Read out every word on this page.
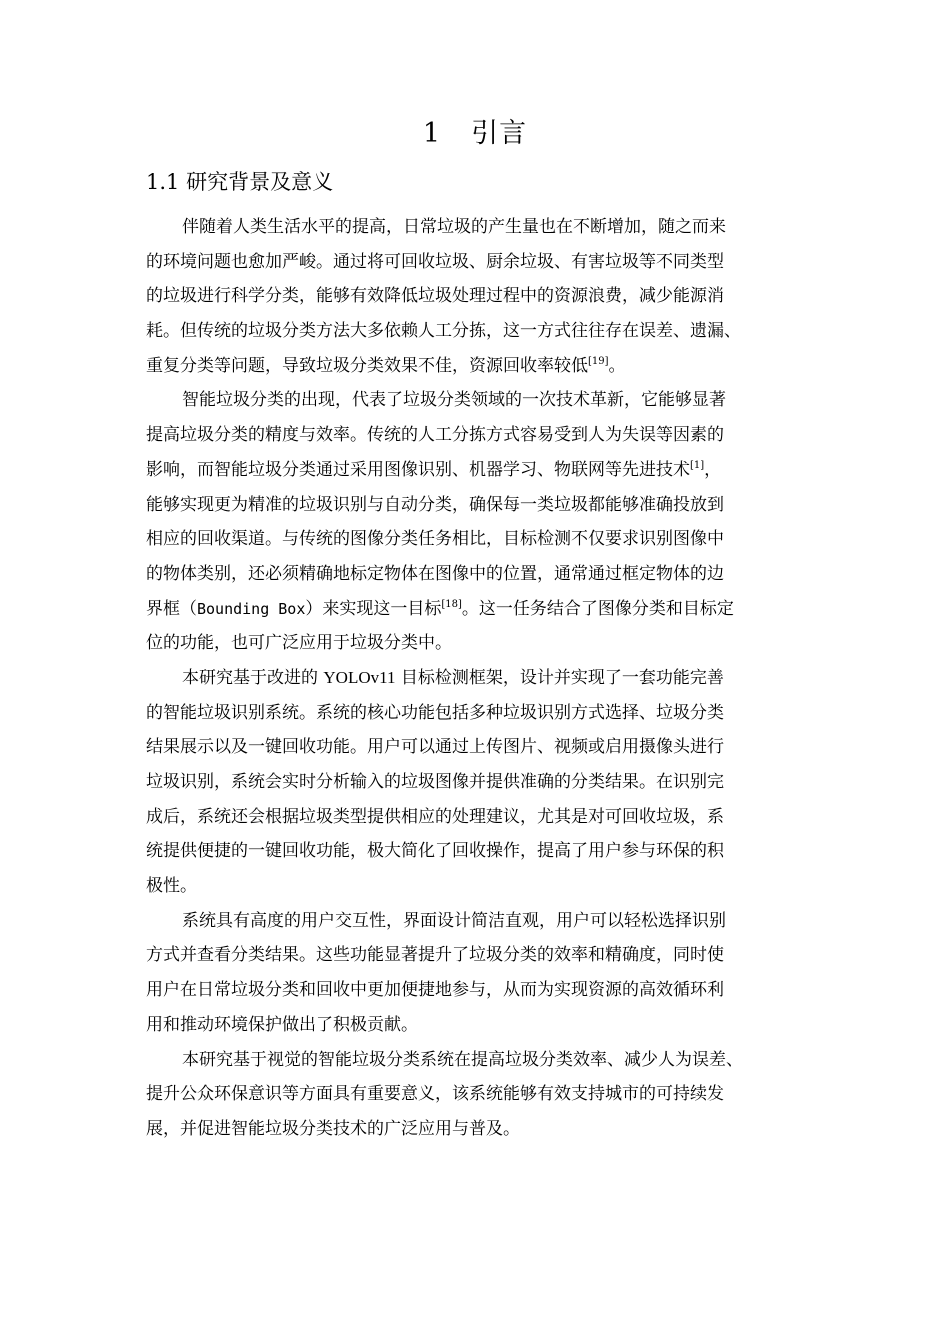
1 引言
1.1 研究背景及意义

伴随着人类生活水平的提高，日常垃圾的产生量也在不断增加，随之而来
的环境问题也愈加严峻。通过将可回收垃圾、厨余垃圾、有害垃圾等不同类型
的垃圾进行科学分类，能够有效降低垃圾处理过程中的资源浪费，减少能源消
耗。但传统的垃圾分类方法大多依赖人工分拣，这一方式往往存在误差、遗漏、
重复分类等问题，导致垃圾分类效果不佳，资源回收率较低[19]。

智能垃圾分类的出现，代表了垃圾分类领域的一次技术革新，它能够显著
提高垃圾分类的精度与效率。传统的人工分拣方式容易受到人为失误等因素的
影响，而智能垃圾分类通过采用图像识别、机器学习、物联网等先进技术[1]，
能够实现更为精准的垃圾识别与自动分类，确保每一类垃圾都能够准确投放到
相应的回收渠道。与传统的图像分类任务相比，目标检测不仅要求识别图像中
的物体类别，还必须精确地标定物体在图像中的位置，通常通过框定物体的边
界框（Bounding Box）来实现这一目标[18]。这一任务结合了图像分类和目标定
位的功能，也可广泛应用于垃圾分类中。

本研究基于改进的 YOLOv11 目标检测框架，设计并实现了一套功能完善
的智能垃圾识别系统。系统的核心功能包括多种垃圾识别方式选择、垃圾分类
结果展示以及一键回收功能。用户可以通过上传图片、视频或启用摄像头进行
垃圾识别，系统会实时分析输入的垃圾图像并提供准确的分类结果。在识别完
成后，系统还会根据垃圾类型提供相应的处理建议，尤其是对可回收垃圾，系
统提供便捷的一键回收功能，极大简化了回收操作，提高了用户参与环保的积
极性。

系统具有高度的用户交互性，界面设计简洁直观，用户可以轻松选择识别
方式并查看分类结果。这些功能显著提升了垃圾分类的效率和精确度，同时使
用户在日常垃圾分类和回收中更加便捷地参与，从而为实现资源的高效循环利
用和推动环境保护做出了积极贡献。

本研究基于视觉的智能垃圾分类系统在提高垃圾分类效率、减少人为误差、
提升公众环保意识等方面具有重要意义，该系统能够有效支持城市的可持续发
展，并促进智能垃圾分类技术的广泛应用与普及。
